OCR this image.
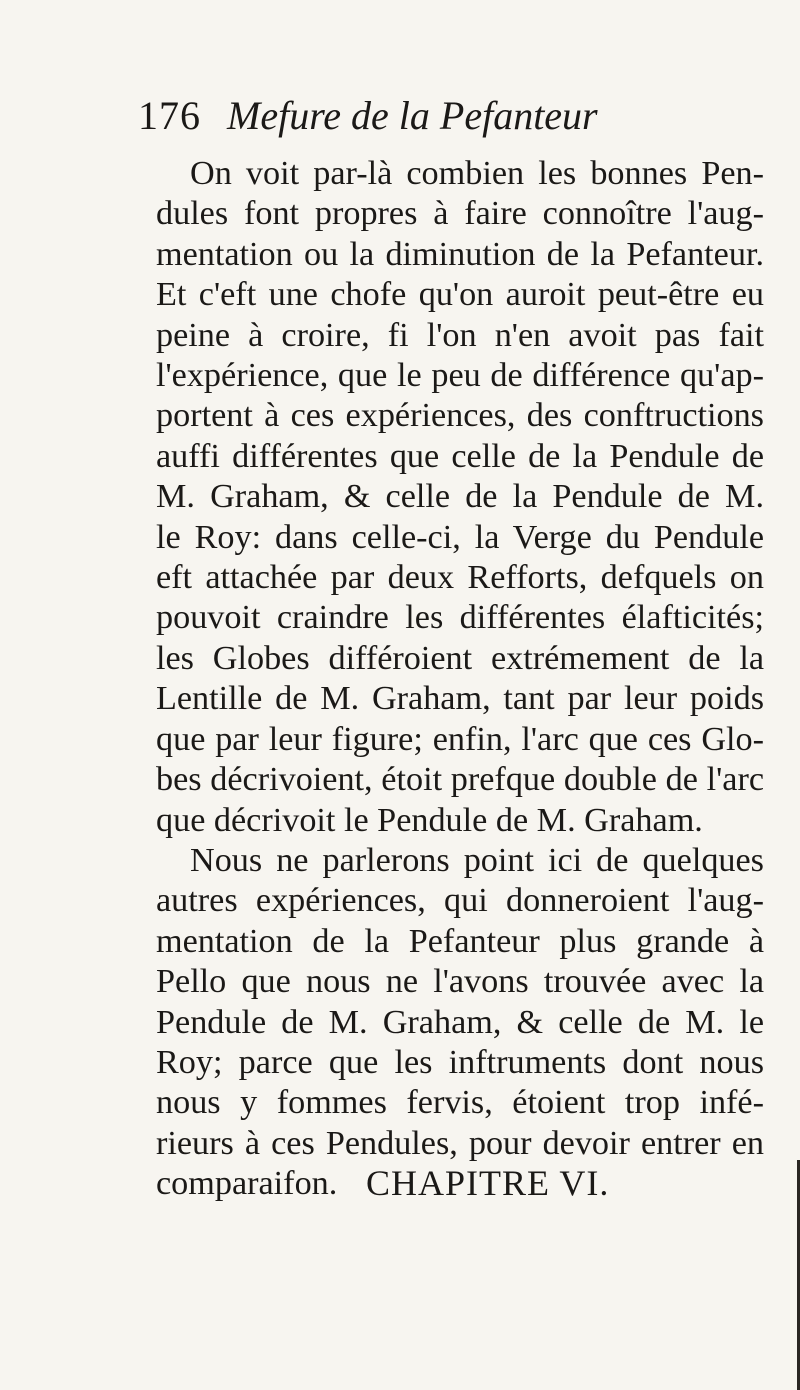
176 Mefure de la Pefanteur
On voit par-là combien les bonnes Pen-
dules font propres à faire connoître l'aug-
mentation ou la diminution de la Pefanteur.
Et c'eft une chofe qu'on auroit peut-être eu
peine à croire, fi l'on n'en avoit pas fait
l'expérience, que le peu de différence qu'ap-
portent à ces expériences, des conftructions
auffi différentes que celle de la Pendule de
M. Graham, & celle de la Pendule de M.
le Roy: dans celle-ci, la Verge du Pendule
eft attachée par deux Refforts, defquels on
pouvoit craindre les différentes élafticités;
les Globes différoient extrémement de la
Lentille de M. Graham, tant par leur poids
que par leur figure; enfin, l'arc que ces Glo-
bes décrivoient, étoit prefque double de l'arc
que décrivoit le Pendule de M. Graham.
Nous ne parlerons point ici de quelques
autres expériences, qui donneroient l'aug-
mentation de la Pefanteur plus grande à
Pello que nous ne l'avons trouvée avec la
Pendule de M. Graham, & celle de M. le
Roy; parce que les inftruments dont nous
nous y fommes fervis, étoient trop infé-
rieurs à ces Pendules, pour devoir entrer en
comparaifon. CHAPITRE VI.
